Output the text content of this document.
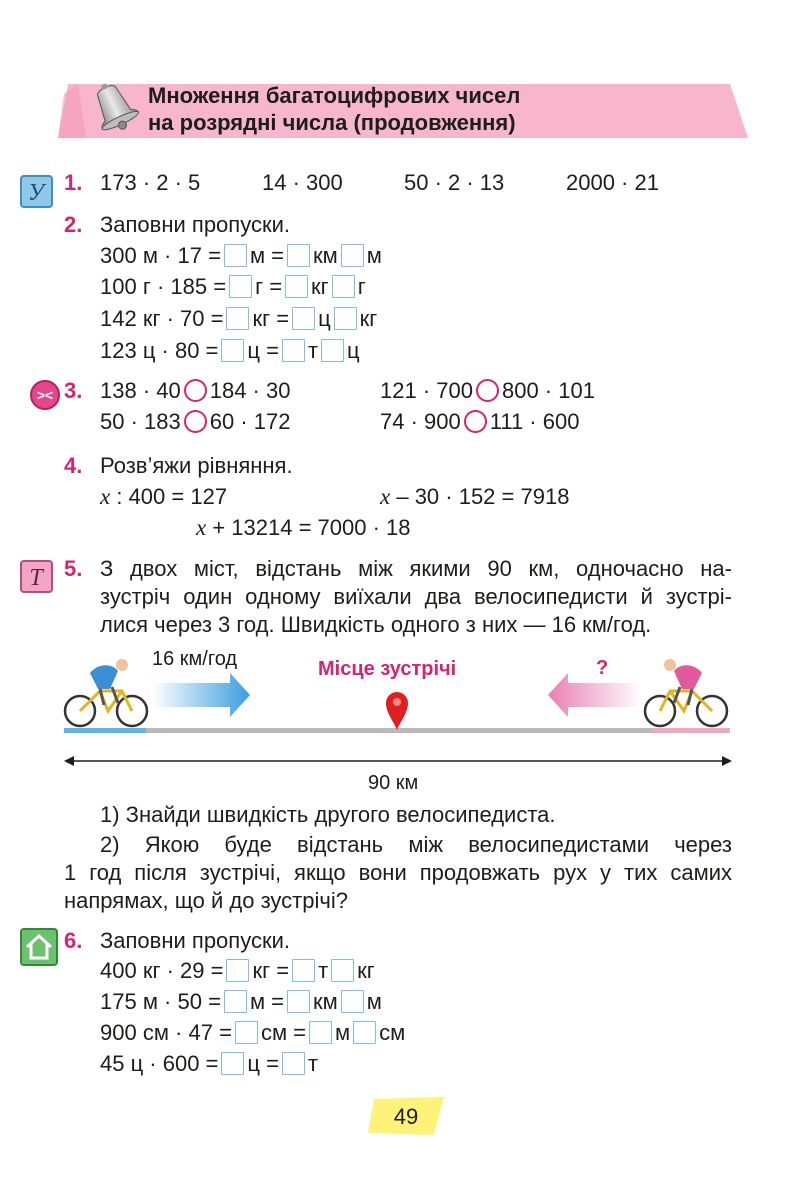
Множення багатоцифрових чисел
на розрядні числа (продовження)
У 1. 173 · 2 · 5	14 · 300	50 · 2 · 13	2000 · 21
2. Заповни пропуски.
300 м · 17 = м = км м
100 г · 185 = г = кг г
142 кг · 70 = кг = ц кг
123 ц · 80 = ц = т ц
>< 3. 138 · 40 184 · 30	121 · 700 800 · 101
50 · 183 60 · 172	74 · 900 111 · 600
4. Розв’яжи рівняння.
x : 400 = 127	x – 30 · 152 = 7918
x + 13214 = 7000 · 18
Т 5. З двох міст, відстань між якими 90 км, одночасно на-
зустріч один одному виїхали два велосипедисти й зустрі-
лися через 3 год. Швидкість одного з них — 16 км/год.
16 км/год	Місце зустрічі	?
90 км
1) Знайди швидкість другого велосипедиста.
2) Якою буде відстань між велосипедистами через
1 год після зустрічі, якщо вони продовжать рух у тих самих
напрямах, що й до зустрічі?
6. Заповни пропуски.
400 кг · 29 = кг = т кг
175 м · 50 = м = км м
900 см · 47 = см = м см
45 ц · 600 = ц = т
49
